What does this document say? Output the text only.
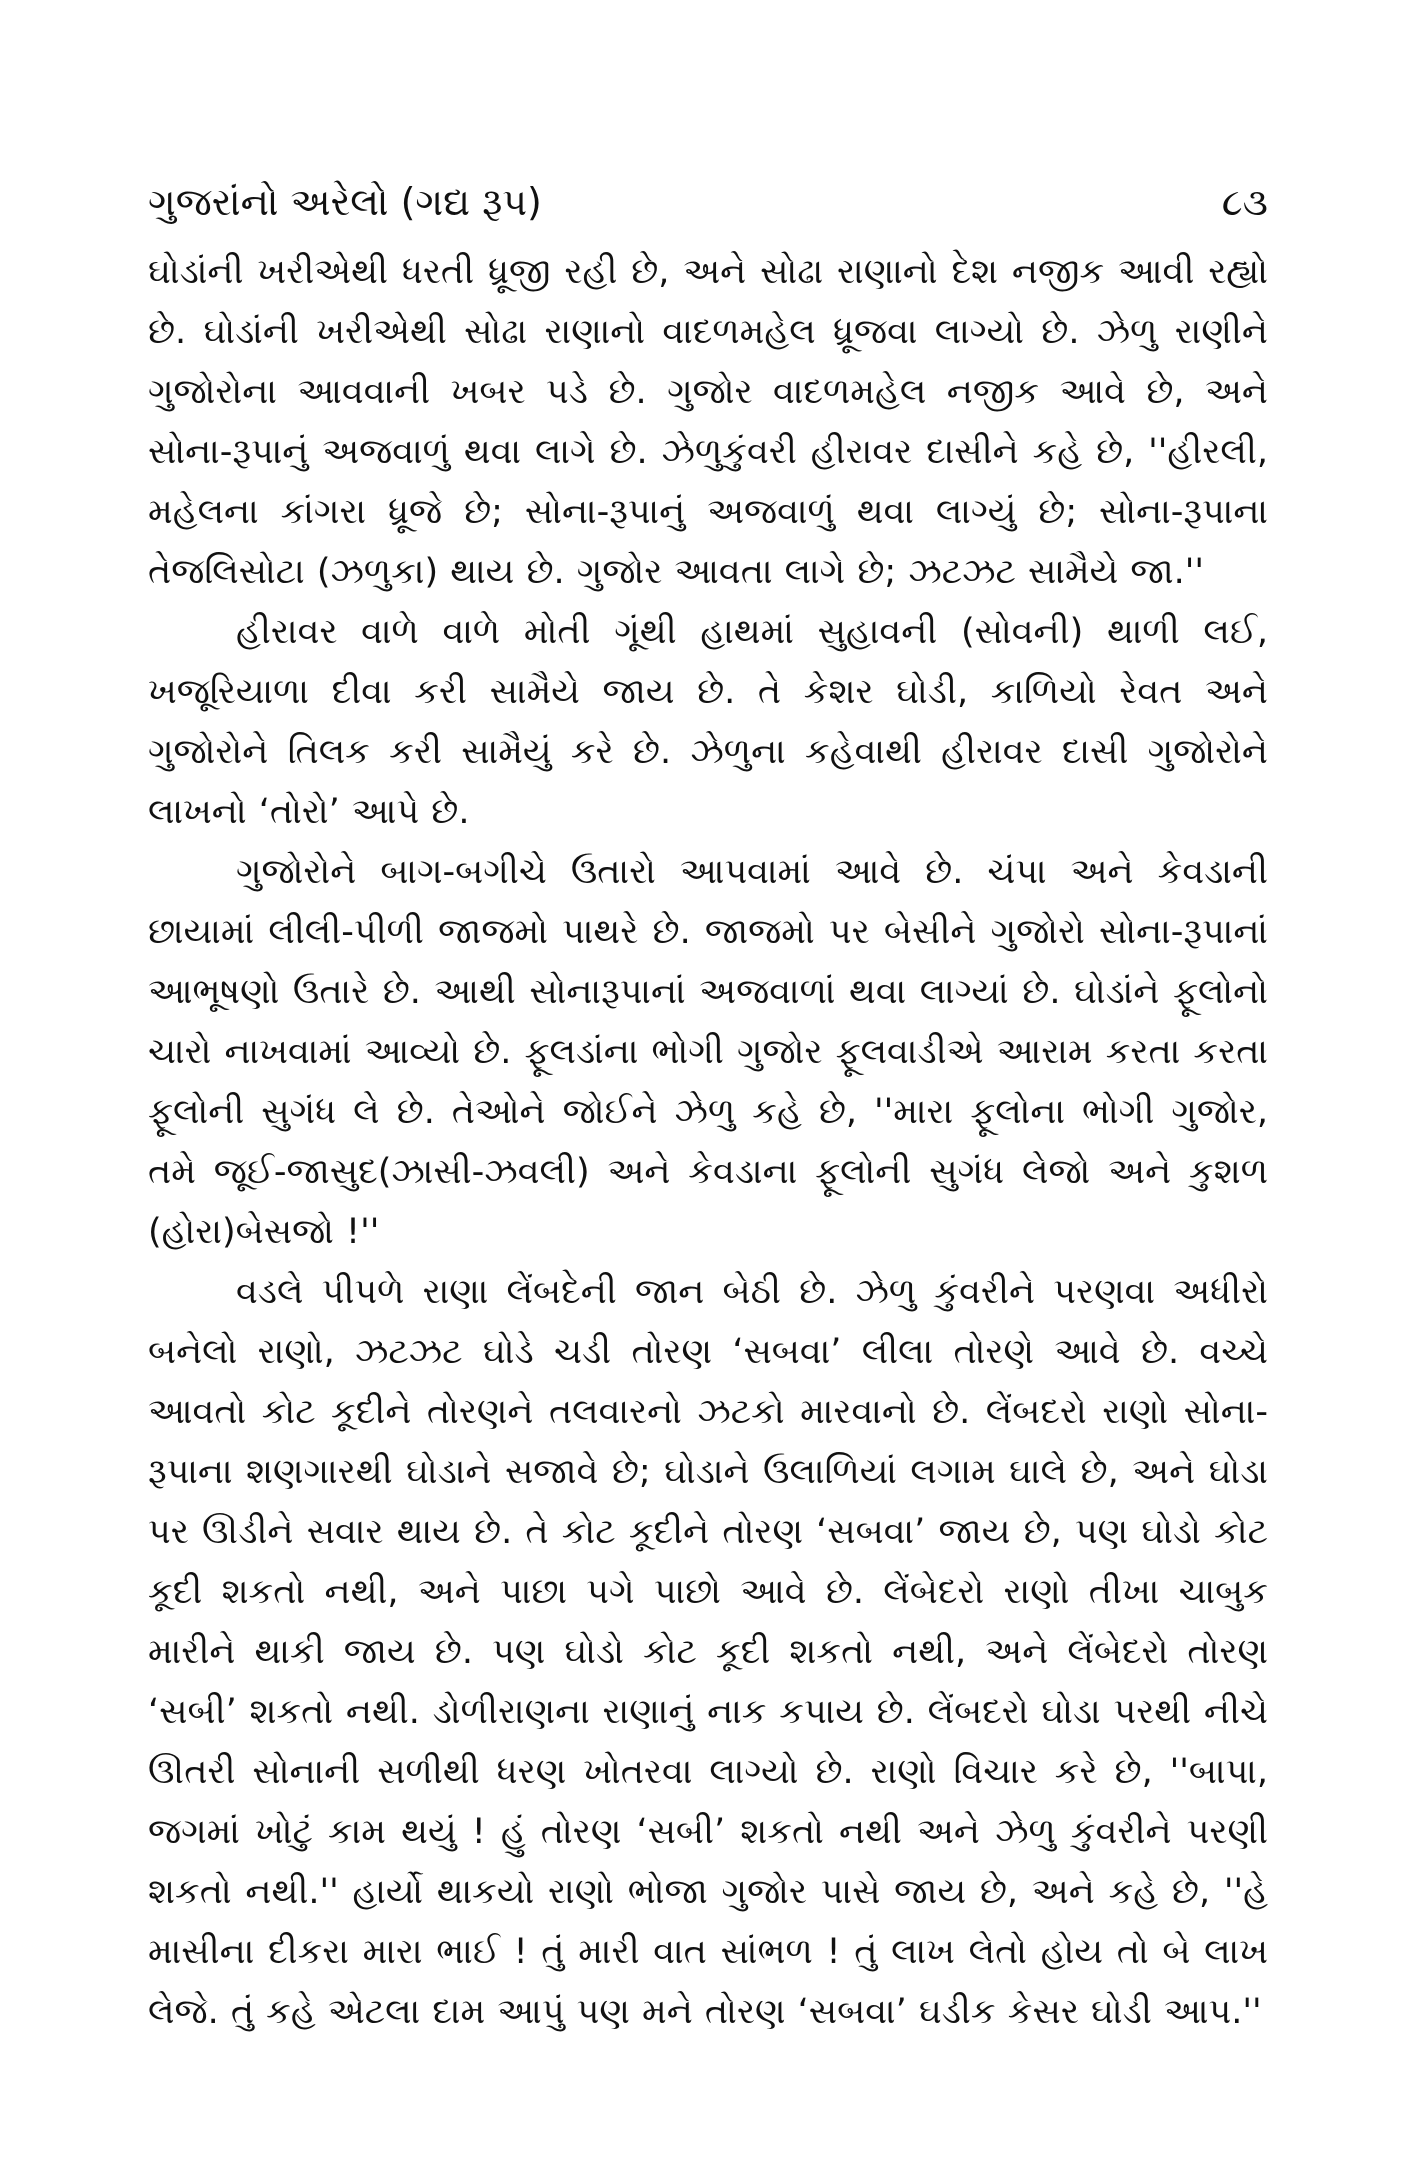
ગુજરાંનો અરેલો (ગદ્ય રૂપ)	૮૩

ઘોડાંની ખરીએથી ધરતી ધ્રૂજી રહી છે, અને સોઢા રાણાનો દેશ નજીક આવી રહ્યો છે. ઘોડાંની ખરીએથી સોઢા રાણાનો વાદળમહેલ ધ્રૂજવા લાગ્યો છે. ઝેળુ રાણીને ગુજોરોના આવવાની ખબર પડે છે. ગુજોર વાદળમહેલ નજીક આવે છે, અને સોના-રૂપાનું અજવાળું થવા લાગે છે. ઝેળુકુંવરી હીરાવર દાસીને કહે છે, ''હીરલી, મહેલના કાંગરા ધ્રૂજે છે; સોના-રૂપાનું અજવાળું થવા લાગ્યું છે; સોના-રૂપાના તેજલિસોટા (ઝળુકા) થાય છે. ગુજોર આવતા લાગે છે; ઝટઝટ સામૈયે જા.''

હીરાવર વાળે વાળે મોતી ગૂંથી હાથમાં સુહાવની (સોવની) થાળી લઈ, ખજૂરિયાળા દીવા કરી સામૈયે જાય છે. તે કેશર ઘોડી, કાળિયો રેવત અને ગુજોરોને તિલક કરી સામૈયું કરે છે. ઝેળુના કહેવાથી હીરાવર દાસી ગુજોરોને લાખનો ‘તોરો’ આપે છે.

ગુજોરોને બાગ-બગીચે ઉતારો આપવામાં આવે છે. ચંપા અને કેવડાની છાયામાં લીલી-પીળી જાજમો પાથરે છે. જાજમો પર બેસીને ગુજોરો સોના-રૂપાનાં આભૂષણો ઉતારે છે. આથી સોનારૂપાનાં અજવાળાં થવા લાગ્યાં છે. ઘોડાંને ફૂલોનો ચારો નાખવામાં આવ્યો છે. ફૂલડાંના ભોગી ગુજોર ફૂલવાડીએ આરામ કરતા કરતા ફૂલોની સુગંધ લે છે. તેઓને જોઈને ઝેળુ કહે છે, ''મારા ફૂલોના ભોગી ગુજોર, તમે જૂઈ-જાસુદ(ઝાસી-ઝવલી) અને કેવડાના ફૂલોની સુગંધ લેજો અને કુશળ (હોરા)બેસજો !''

વડલે પીપળે રાણા લેંબદેની જાન બેઠી છે. ઝેળુ કુંવરીને પરણવા અધીરો બનેલો રાણો, ઝટઝટ ઘોડે ચડી તોરણ ‘સબવા’ લીલા તોરણે આવે છે. વચ્ચે આવતો કોટ કૂદીને તોરણને તલવારનો ઝટકો મારવાનો છે. લેંબદરો રાણો સોના-રૂપાના શણગારથી ઘોડાને સજાવે છે; ઘોડાને ઉલાળિયાં લગામ ઘાલે છે, અને ઘોડા પર ઊડીને સવાર થાય છે. તે કોટ કૂદીને તોરણ ‘સબવા’ જાય છે, પણ ઘોડો કોટ કૂદી શકતો નથી, અને પાછા પગે પાછો આવે છે. લેંબેદરો રાણો તીખા ચાબુક મારીને થાકી જાય છે. પણ ઘોડો કોટ કૂદી શકતો નથી, અને લેંબેદરો તોરણ ‘સબી’ શકતો નથી. ડોળીરાણના રાણાનું નાક કપાય છે. લેંબદરો ઘોડા પરથી નીચે ઊતરી સોનાની સળીથી ધરણ ખોતરવા લાગ્યો છે. રાણો વિચાર કરે છે, ''બાપા, જગમાં ખોટું કામ થયું ! હું તોરણ ‘સબી’ શકતો નથી અને ઝેળુ કુંવરીને પરણી શકતો નથી.'' હાર્યો થાકયો રાણો ભોજા ગુજોર પાસે જાય છે, અને કહે છે, ''હે માસીના દીકરા મારા ભાઈ ! તું મારી વાત સાંભળ ! તું લાખ લેતો હોય તો બે લાખ લેજે. તું કહે એટલા દામ આપું પણ મને તોરણ ‘સબવા’ ઘડીક કેસર ઘોડી આપ.''
